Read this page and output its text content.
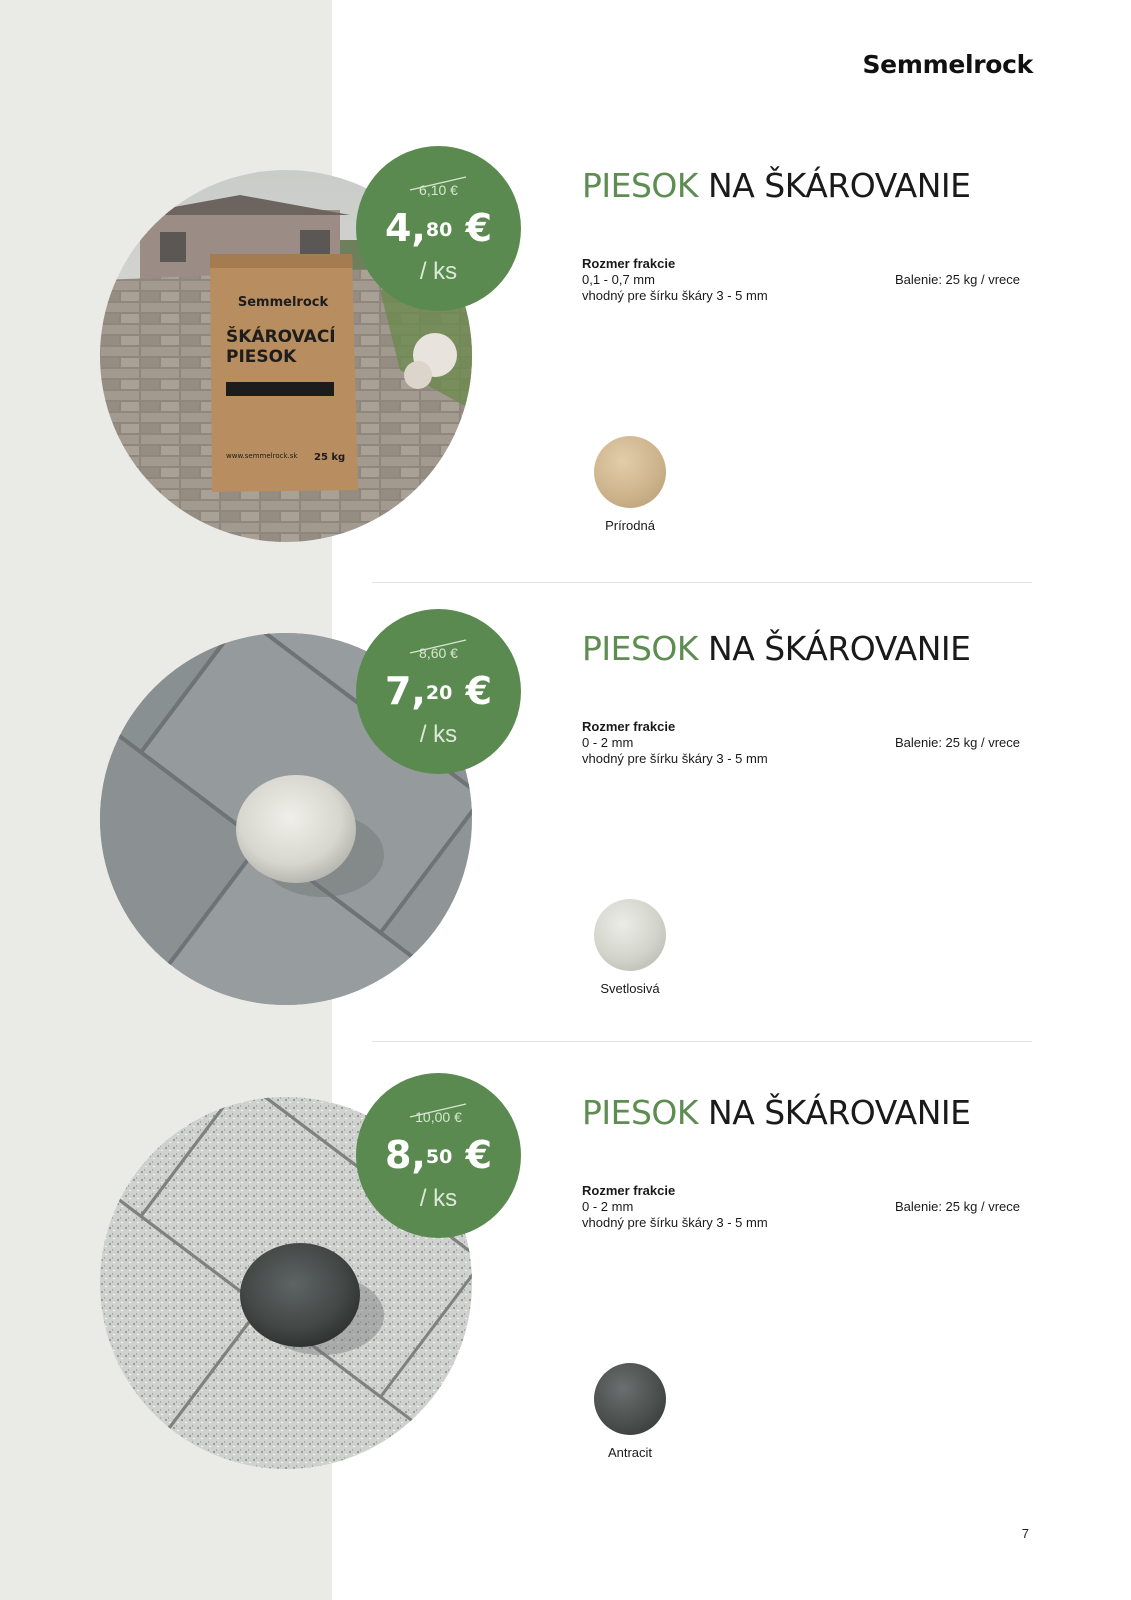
Semmelrock
Semmelrock
ŠKÁROVACÍ
PIESOK
www.semmelrock.sk 25 kg
6,10 €
4,80 €
/ ks
PIESOK NA ŠKÁROVANIE
Rozmer frakcie
0,1 - 0,7 mm
vhodný pre šírku škáry 3 - 5 mm
Balenie: 25 kg / vrece
Prírodná
8,60 €
7,20 €
/ ks
PIESOK NA ŠKÁROVANIE
Rozmer frakcie
0 - 2 mm
vhodný pre šírku škáry 3 - 5 mm
Balenie: 25 kg / vrece
Svetlosivá
10,00 €
8,50 €
/ ks
PIESOK NA ŠKÁROVANIE
Rozmer frakcie
0 - 2 mm
vhodný pre šírku škáry 3 - 5 mm
Balenie: 25 kg / vrece
Antracit
7
